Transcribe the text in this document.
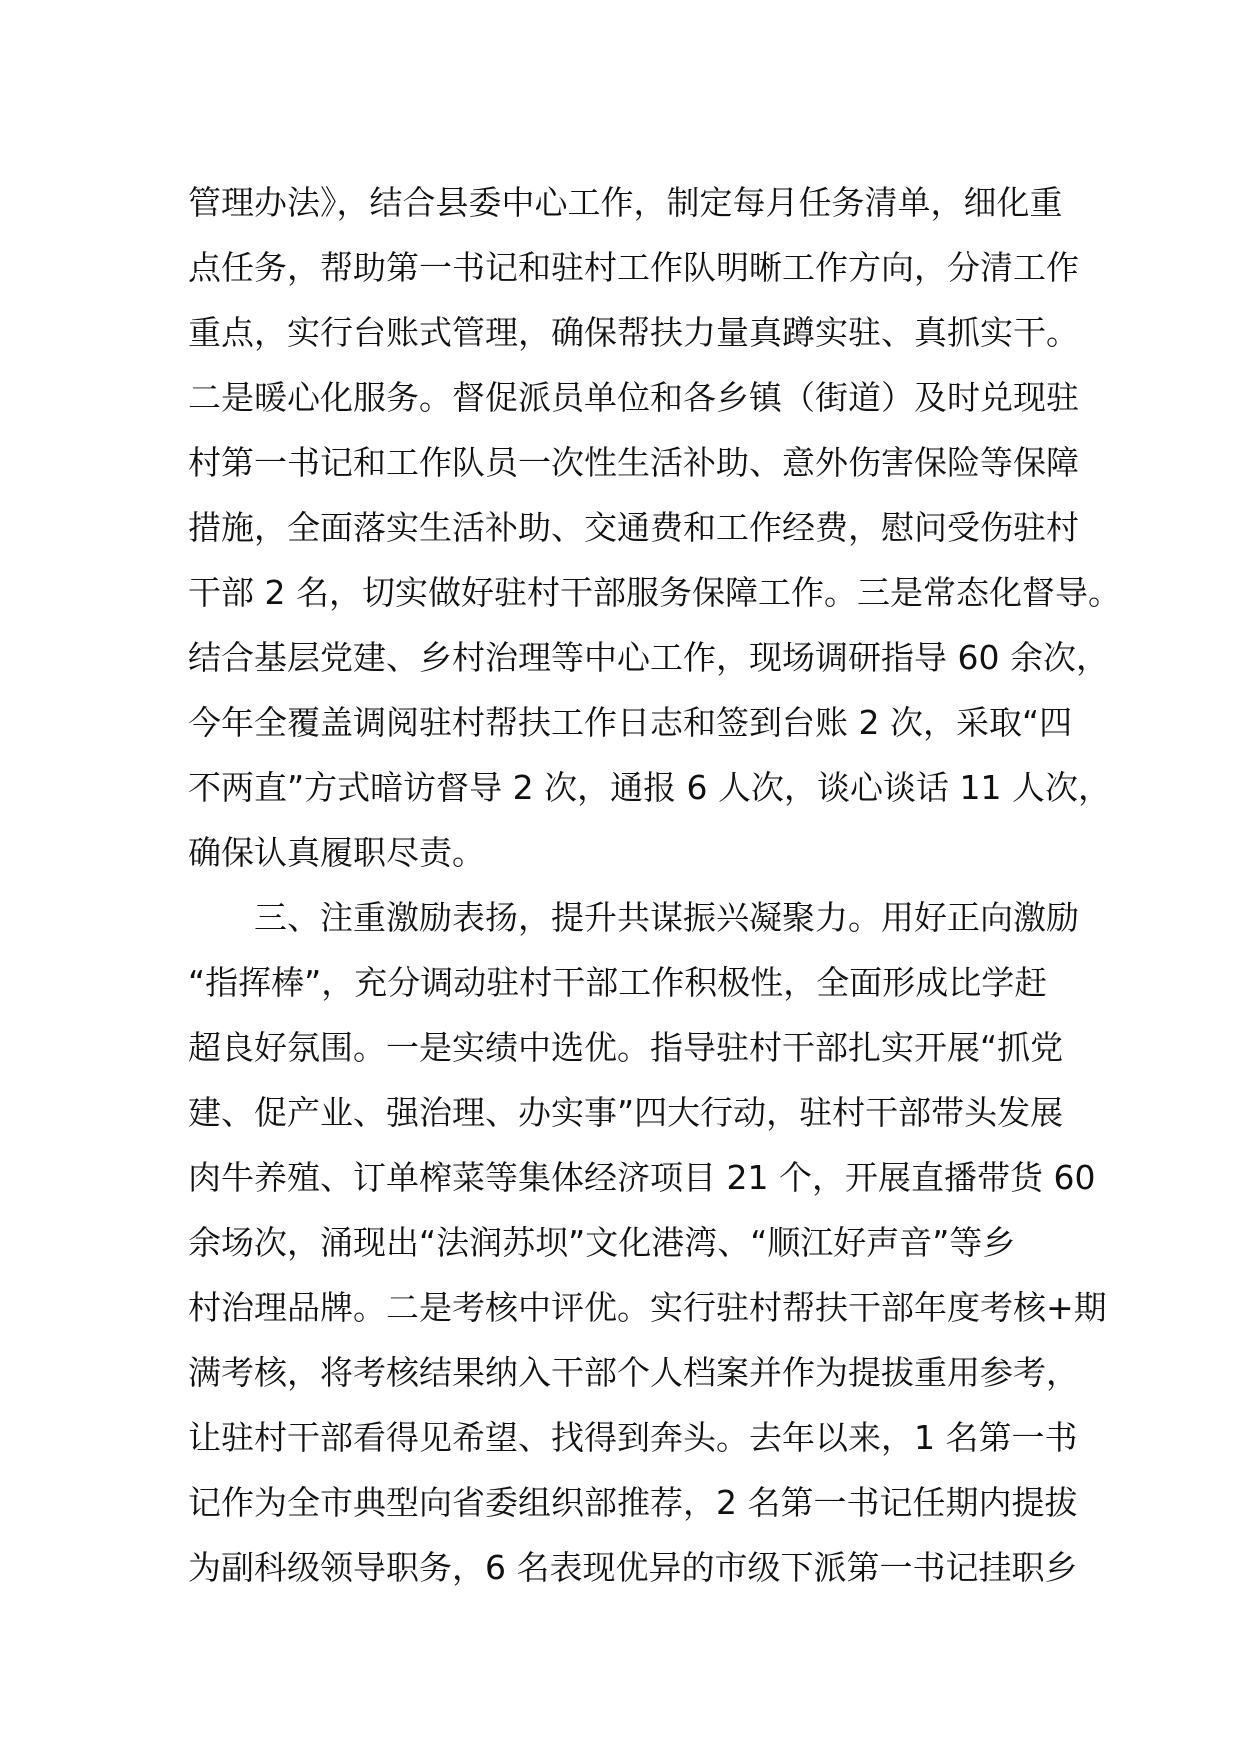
管理办法》，结合县委中心工作，制定每月任务清单，细化重
点任务，帮助第一书记和驻村工作队明晰工作方向，分清工作
重点，实行台账式管理，确保帮扶力量真蹲实驻、真抓实干。
二是暖心化服务。督促派员单位和各乡镇（街道）及时兑现驻
村第一书记和工作队员一次性生活补助、意外伤害保险等保障
措施，全面落实生活补助、交通费和工作经费，慰问受伤驻村
干部 2 名，切实做好驻村干部服务保障工作。三是常态化督导。
结合基层党建、乡村治理等中心工作，现场调研指导 60 余次，
今年全覆盖调阅驻村帮扶工作日志和签到台账 2 次，采取“四
不两直”方式暗访督导 2 次，通报 6 人次，谈心谈话 11 人次，
确保认真履职尽责。
　　三、注重激励表扬，提升共谋振兴凝聚力。用好正向激励
“指挥棒”，充分调动驻村干部工作积极性，全面形成比学赶
超良好氛围。一是实绩中选优。指导驻村干部扎实开展“抓党
建、促产业、强治理、办实事”四大行动，驻村干部带头发展
肉牛养殖、订单榨菜等集体经济项目 21 个，开展直播带货 60
余场次，涌现出“法润苏坝”文化港湾、“顺江好声音”等乡
村治理品牌。二是考核中评优。实行驻村帮扶干部年度考核+期
满考核，将考核结果纳入干部个人档案并作为提拔重用参考，
让驻村干部看得见希望、找得到奔头。去年以来，1 名第一书
记作为全市典型向省委组织部推荐，2 名第一书记任期内提拔
为副科级领导职务，6 名表现优异的市级下派第一书记挂职乡
